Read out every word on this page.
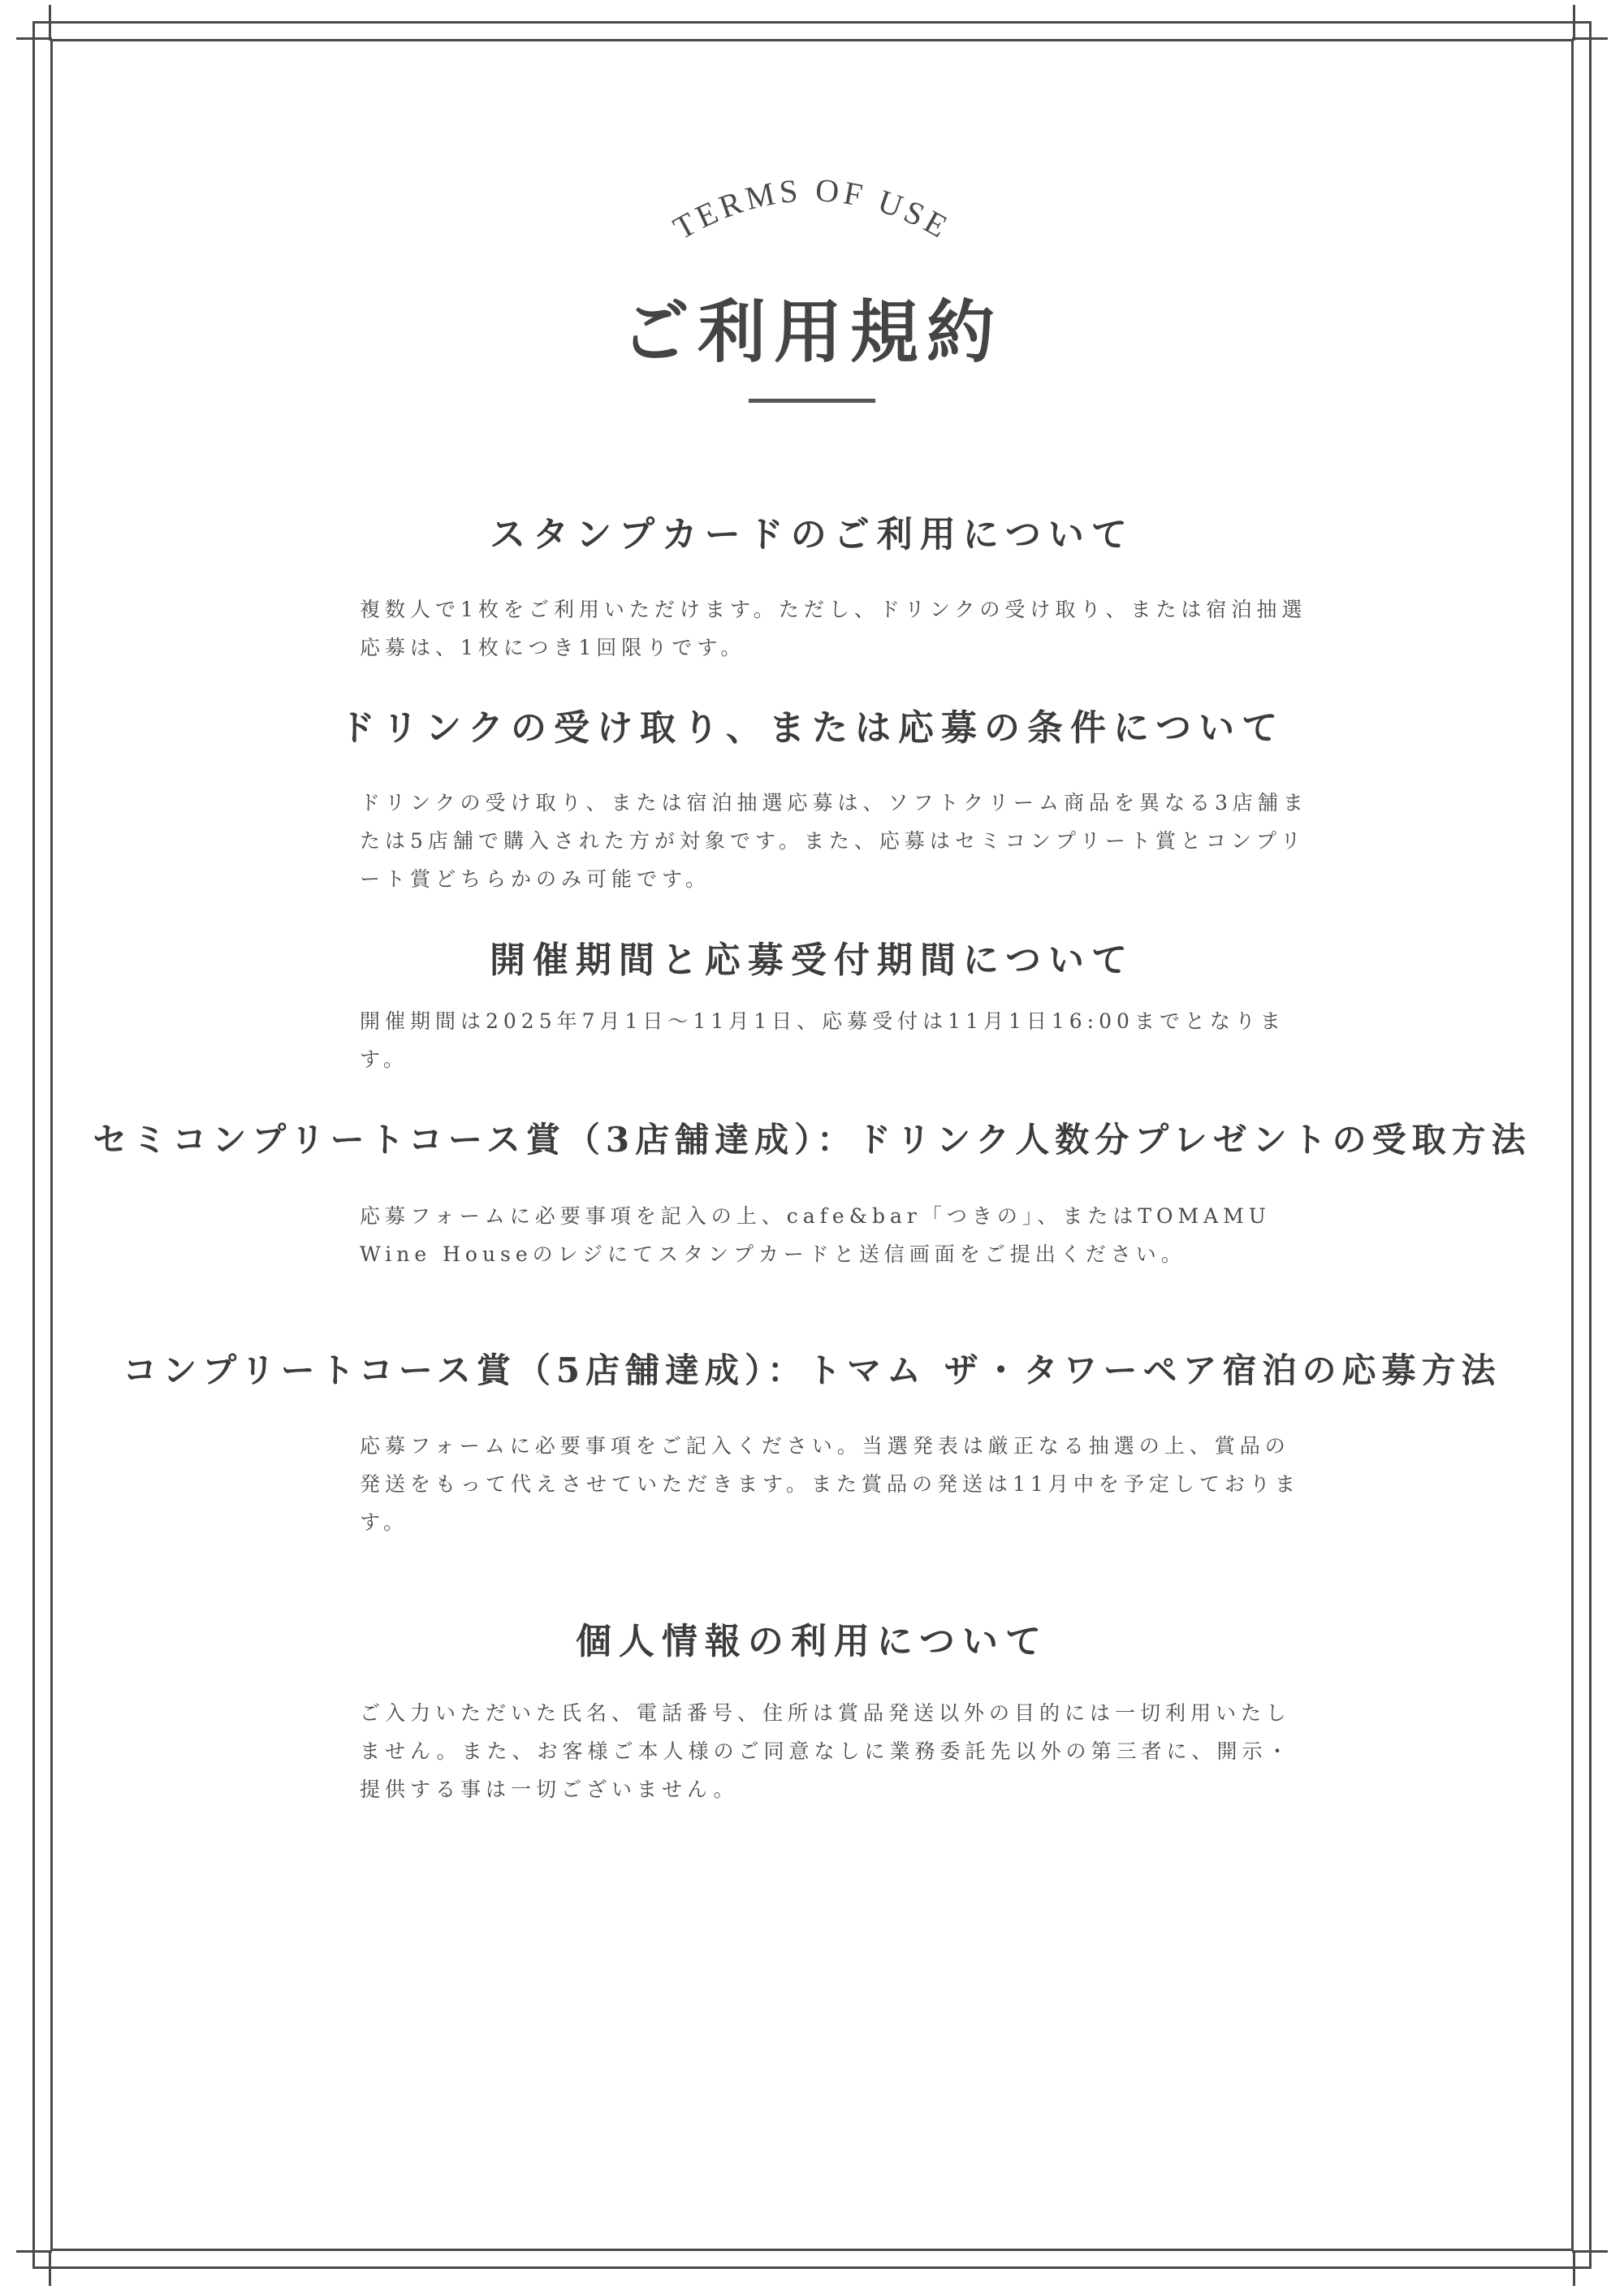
TERMS OF USE
ご利用規約
スタンプカードのご利用について
複数人で1枚をご利用いただけます。ただし、ドリンクの受け取り、または宿泊抽選応募は、1枚につき1回限りです。
ドリンクの受け取り、または応募の条件について
ドリンクの受け取り、または宿泊抽選応募は、ソフトクリーム商品を異なる3店舗または5店舗で購入された方が対象です。また、応募はセミコンプリート賞とコンプリート賞どちらかのみ可能です。
開催期間と応募受付期間について
開催期間は2025年7月1日～11月1日、応募受付は11月1日16:00までとなります。
セミコンプリートコース賞（3店舗達成）：ドリンク人数分プレゼントの受取方法
応募フォームに必要事項を記入の上、cafe&bar「つきの」、またはTOMAMU Wine Houseのレジにてスタンプカードと送信画面をご提出ください。
コンプリートコース賞（5店舗達成）：トマム ザ・タワーペア宿泊の応募方法
応募フォームに必要事項をご記入ください。当選発表は厳正なる抽選の上、賞品の発送をもって代えさせていただきます。また賞品の発送は11月中を予定しております。
個人情報の利用について
ご入力いただいた氏名、電話番号、住所は賞品発送以外の目的には一切利用いたしません。また、お客様ご本人様のご同意なしに業務委託先以外の第三者に、開示・提供する事は一切ございません。
